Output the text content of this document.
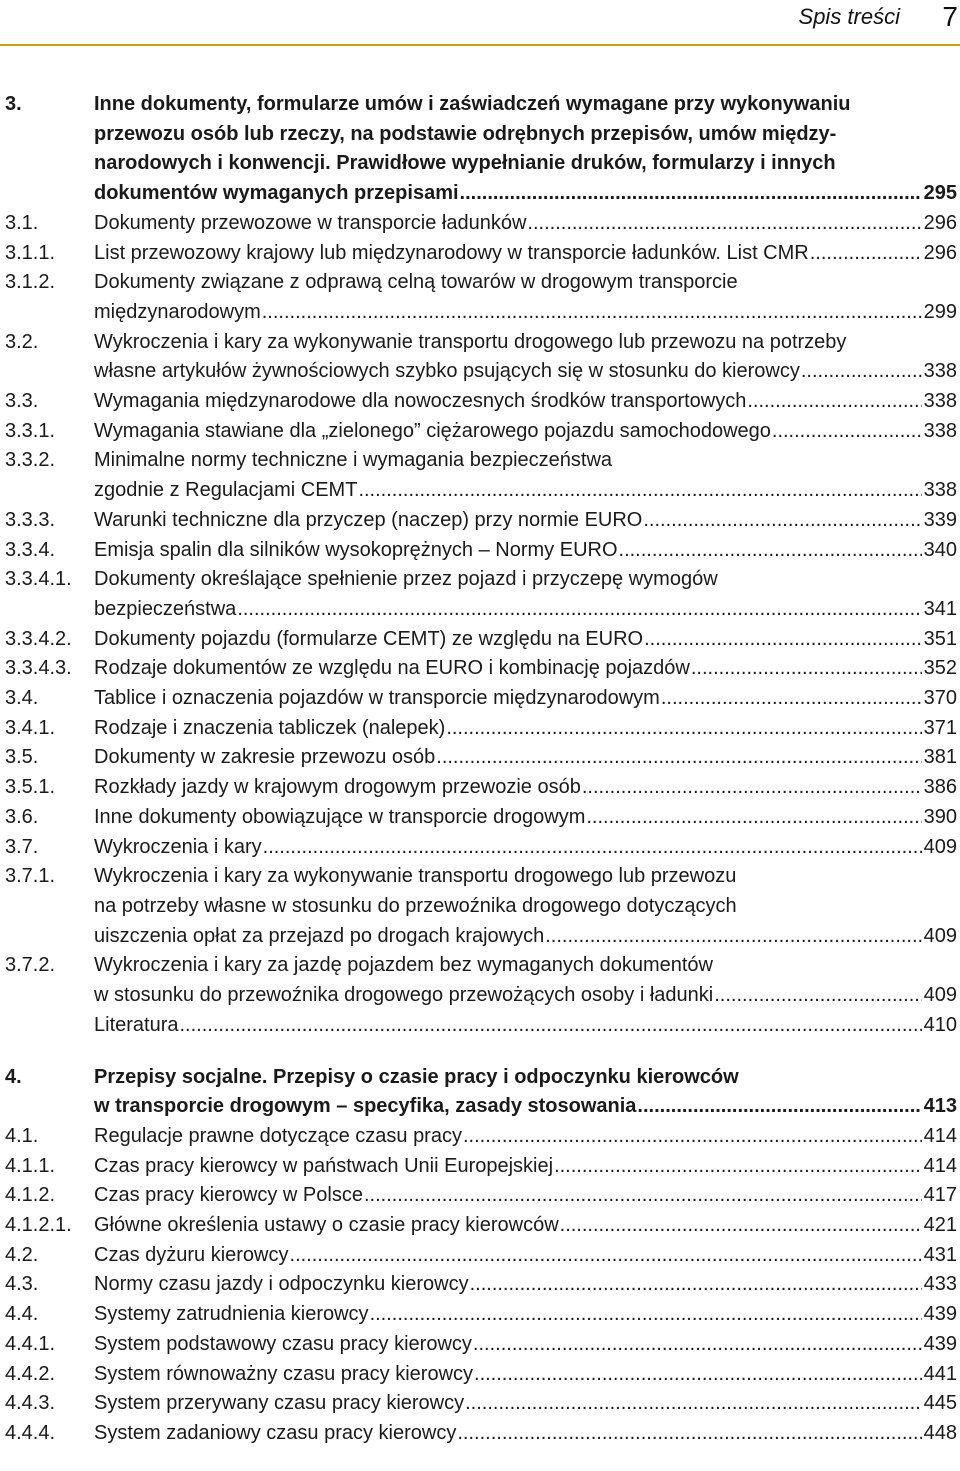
Spis treści 7
3.	Inne dokumenty, formularze umów i zaświadczeń wymagane przy wykonywaniu
przewozu osób lub rzeczy, na podstawie odrębnych przepisów, umów między-
narodowych i konwencji. Prawidłowe wypełnianie druków, formularzy i innych
dokumentów wymaganych przepisami .....	295
3.1.	Dokumenty przewozowe w transporcie ładunków .....	296
3.1.1.	List przewozowy krajowy lub międzynarodowy w transporcie ładunków. List CMR .....	296
3.1.2.	Dokumenty związane z odprawą celną towarów w drogowym transporcie
międzynarodowym .....	299
3.2.	Wykroczenia i kary za wykonywanie transportu drogowego lub przewozu na potrzeby
własne artykułów żywnościowych szybko psujących się w stosunku do kierowcy .....	338
3.3.	Wymagania międzynarodowe dla nowoczesnych środków transportowych .....	338
3.3.1.	Wymagania stawiane dla „zielonego” ciężarowego pojazdu samochodowego .....	338
3.3.2.	Minimalne normy techniczne i wymagania bezpieczeństwa
zgodnie z Regulacjami CEMT .....	338
3.3.3.	Warunki techniczne dla przyczep (naczep) przy normie EURO .....	339
3.3.4.	Emisja spalin dla silników wysokoprężnych – Normy EURO .....	340
3.3.4.1.	Dokumenty określające spełnienie przez pojazd i przyczepę wymogów
bezpieczeństwa .....	341
3.3.4.2.	Dokumenty pojazdu (formularze CEMT) ze względu na EURO .....	351
3.3.4.3.	Rodzaje dokumentów ze względu na EURO i kombinację pojazdów .....	352
3.4.	Tablice i oznaczenia pojazdów w transporcie międzynarodowym .....	370
3.4.1.	Rodzaje i znaczenia tabliczek (nalepek) .....	371
3.5.	Dokumenty w zakresie przewozu osób .....	381
3.5.1.	Rozkłady jazdy w krajowym drogowym przewozie osób .....	386
3.6.	Inne dokumenty obowiązujące w transporcie drogowym .....	390
3.7.	Wykroczenia i kary .....	409
3.7.1.	Wykroczenia i kary za wykonywanie transportu drogowego lub przewozu
na potrzeby własne w stosunku do przewoźnika drogowego dotyczących
uiszczenia opłat za przejazd po drogach krajowych .....	409
3.7.2.	Wykroczenia i kary za jazdę pojazdem bez wymaganych dokumentów
w stosunku do przewoźnika drogowego przewożących osoby i ładunki .....	409
Literatura .....	410
4.	Przepisy socjalne. Przepisy o czasie pracy i odpoczynku kierowców
w transporcie drogowym – specyfika, zasady stosowania .....	413
4.1.	Regulacje prawne dotyczące czasu pracy .....	414
4.1.1.	Czas pracy kierowcy w państwach Unii Europejskiej .....	414
4.1.2.	Czas pracy kierowcy w Polsce .....	417
4.1.2.1.	Główne określenia ustawy o czasie pracy kierowców .....	421
4.2.	Czas dyżuru kierowcy .....	431
4.3.	Normy czasu jazdy i odpoczynku kierowcy .....	433
4.4.	Systemy zatrudnienia kierowcy .....	439
4.4.1.	System podstawowy czasu pracy kierowcy .....	439
4.4.2.	System równoważny czasu pracy kierowcy .....	441
4.4.3.	System przerywany czasu pracy kierowcy .....	445
4.4.4.	System zadaniowy czasu pracy kierowcy .....	448
